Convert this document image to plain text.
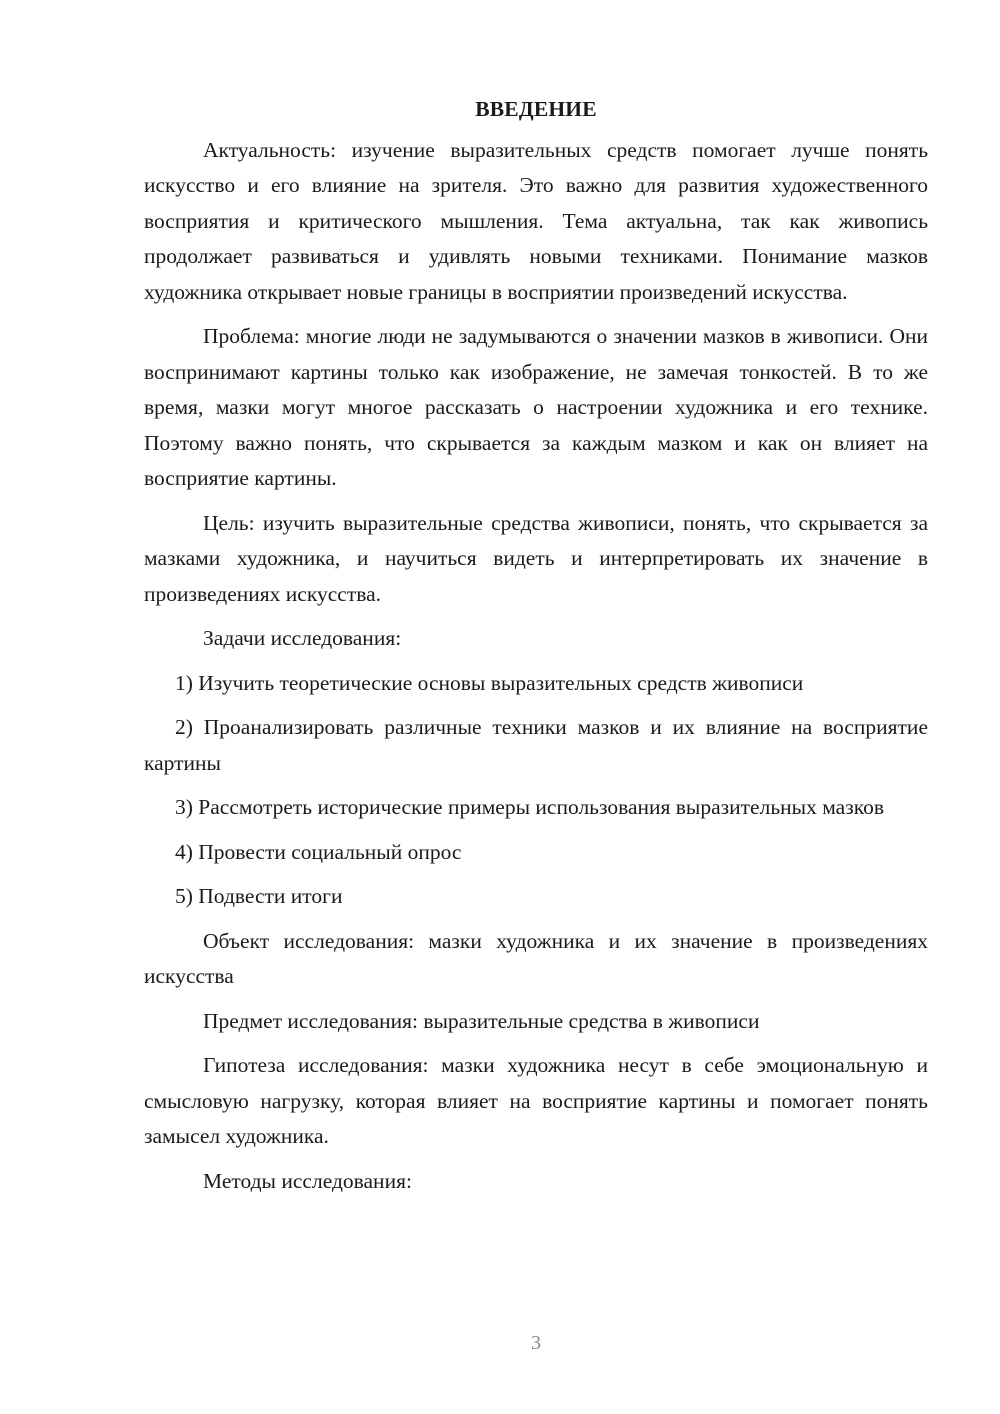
ВВЕДЕНИЕ

Актуальность: изучение выразительных средств помогает лучше понять искусство и его влияние на зрителя. Это важно для развития художественного восприятия и критического мышления. Тема актуальна, так как живопись продолжает развиваться и удивлять новыми техниками. Понимание мазков художника открывает новые границы в восприятии произведений искусства.

Проблема: многие люди не задумываются о значении мазков в живописи. Они воспринимают картины только как изображение, не замечая тонкостей. В то же время, мазки могут многое рассказать о настроении художника и его технике. Поэтому важно понять, что скрывается за каждым мазком и как он влияет на восприятие картины.

Цель: изучить выразительные средства живописи, понять, что скрывается за мазками художника, и научиться видеть и интерпретировать их значение в произведениях искусства.

Задачи исследования:

1) Изучить теоретические основы выразительных средств живописи

2) Проанализировать различные техники мазков и их влияние на восприятие картины

3) Рассмотреть исторические примеры использования выразительных мазков

4) Провести социальный опрос

5) Подвести итоги

Объект исследования: мазки художника и их значение в произведениях искусства

Предмет исследования: выразительные средства в живописи

Гипотеза исследования: мазки художника несут в себе эмоциональную и смысловую нагрузку, которая влияет на восприятие картины и помогает понять замысел художника.

Методы исследования:

3
